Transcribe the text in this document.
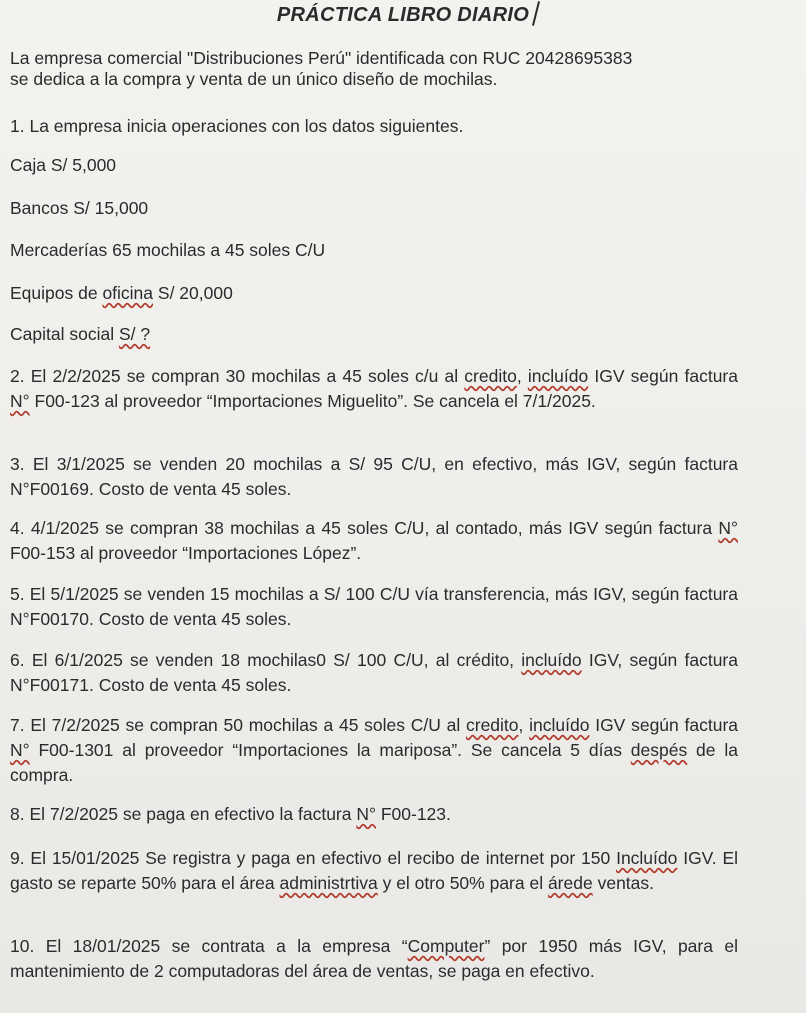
PRÁCTICA LIBRO DIARIO
La empresa comercial "Distribuciones Perú" identificada con RUC 20428695383
se dedica a la compra y venta de un único diseño de mochilas.
1. La empresa inicia operaciones con los datos siguientes.
Caja S/ 5,000
Bancos S/ 15,000
Mercaderías 65 mochilas a 45 soles C/U
Equipos de oficina S/ 20,000
Capital social S/ ?
2. El 2/2/2025 se compran 30 mochilas a 45 soles c/u al credito, incluído IGV según factura N° F00-123 al proveedor “Importaciones Miguelito”. Se cancela el 7/1/2025.
3. El 3/1/2025 se venden 20 mochilas a S/ 95 C/U, en efectivo, más IGV, según factura N°F00169. Costo de venta 45 soles.
4. 4/1/2025 se compran 38 mochilas a 45 soles C/U, al contado, más IGV según factura N° F00-153 al proveedor “Importaciones López”.
5. El 5/1/2025 se venden 15 mochilas a S/ 100 C/U vía transferencia, más IGV, según factura N°F00170. Costo de venta 45 soles.
6. El 6/1/2025 se venden 18 mochilas0 S/ 100 C/U, al crédito, incluído IGV, según factura N°F00171. Costo de venta 45 soles.
7. El 7/2/2025 se compran 50 mochilas a 45 soles C/U al credito, incluído IGV según factura N° F00-1301 al proveedor “Importaciones la mariposa”. Se cancela 5 días despés de la compra.
8. El 7/2/2025 se paga en efectivo la factura N° F00-123.
9. El 15/01/2025 Se registra y paga en efectivo el recibo de internet por 150 Incluído IGV. El gasto se reparte 50% para el área administrtiva y el otro 50% para el árede ventas.
10. El 18/01/2025 se contrata a la empresa “Computer” por 1950 más IGV, para el mantenimiento de 2 computadoras del área de ventas, se paga en efectivo.
